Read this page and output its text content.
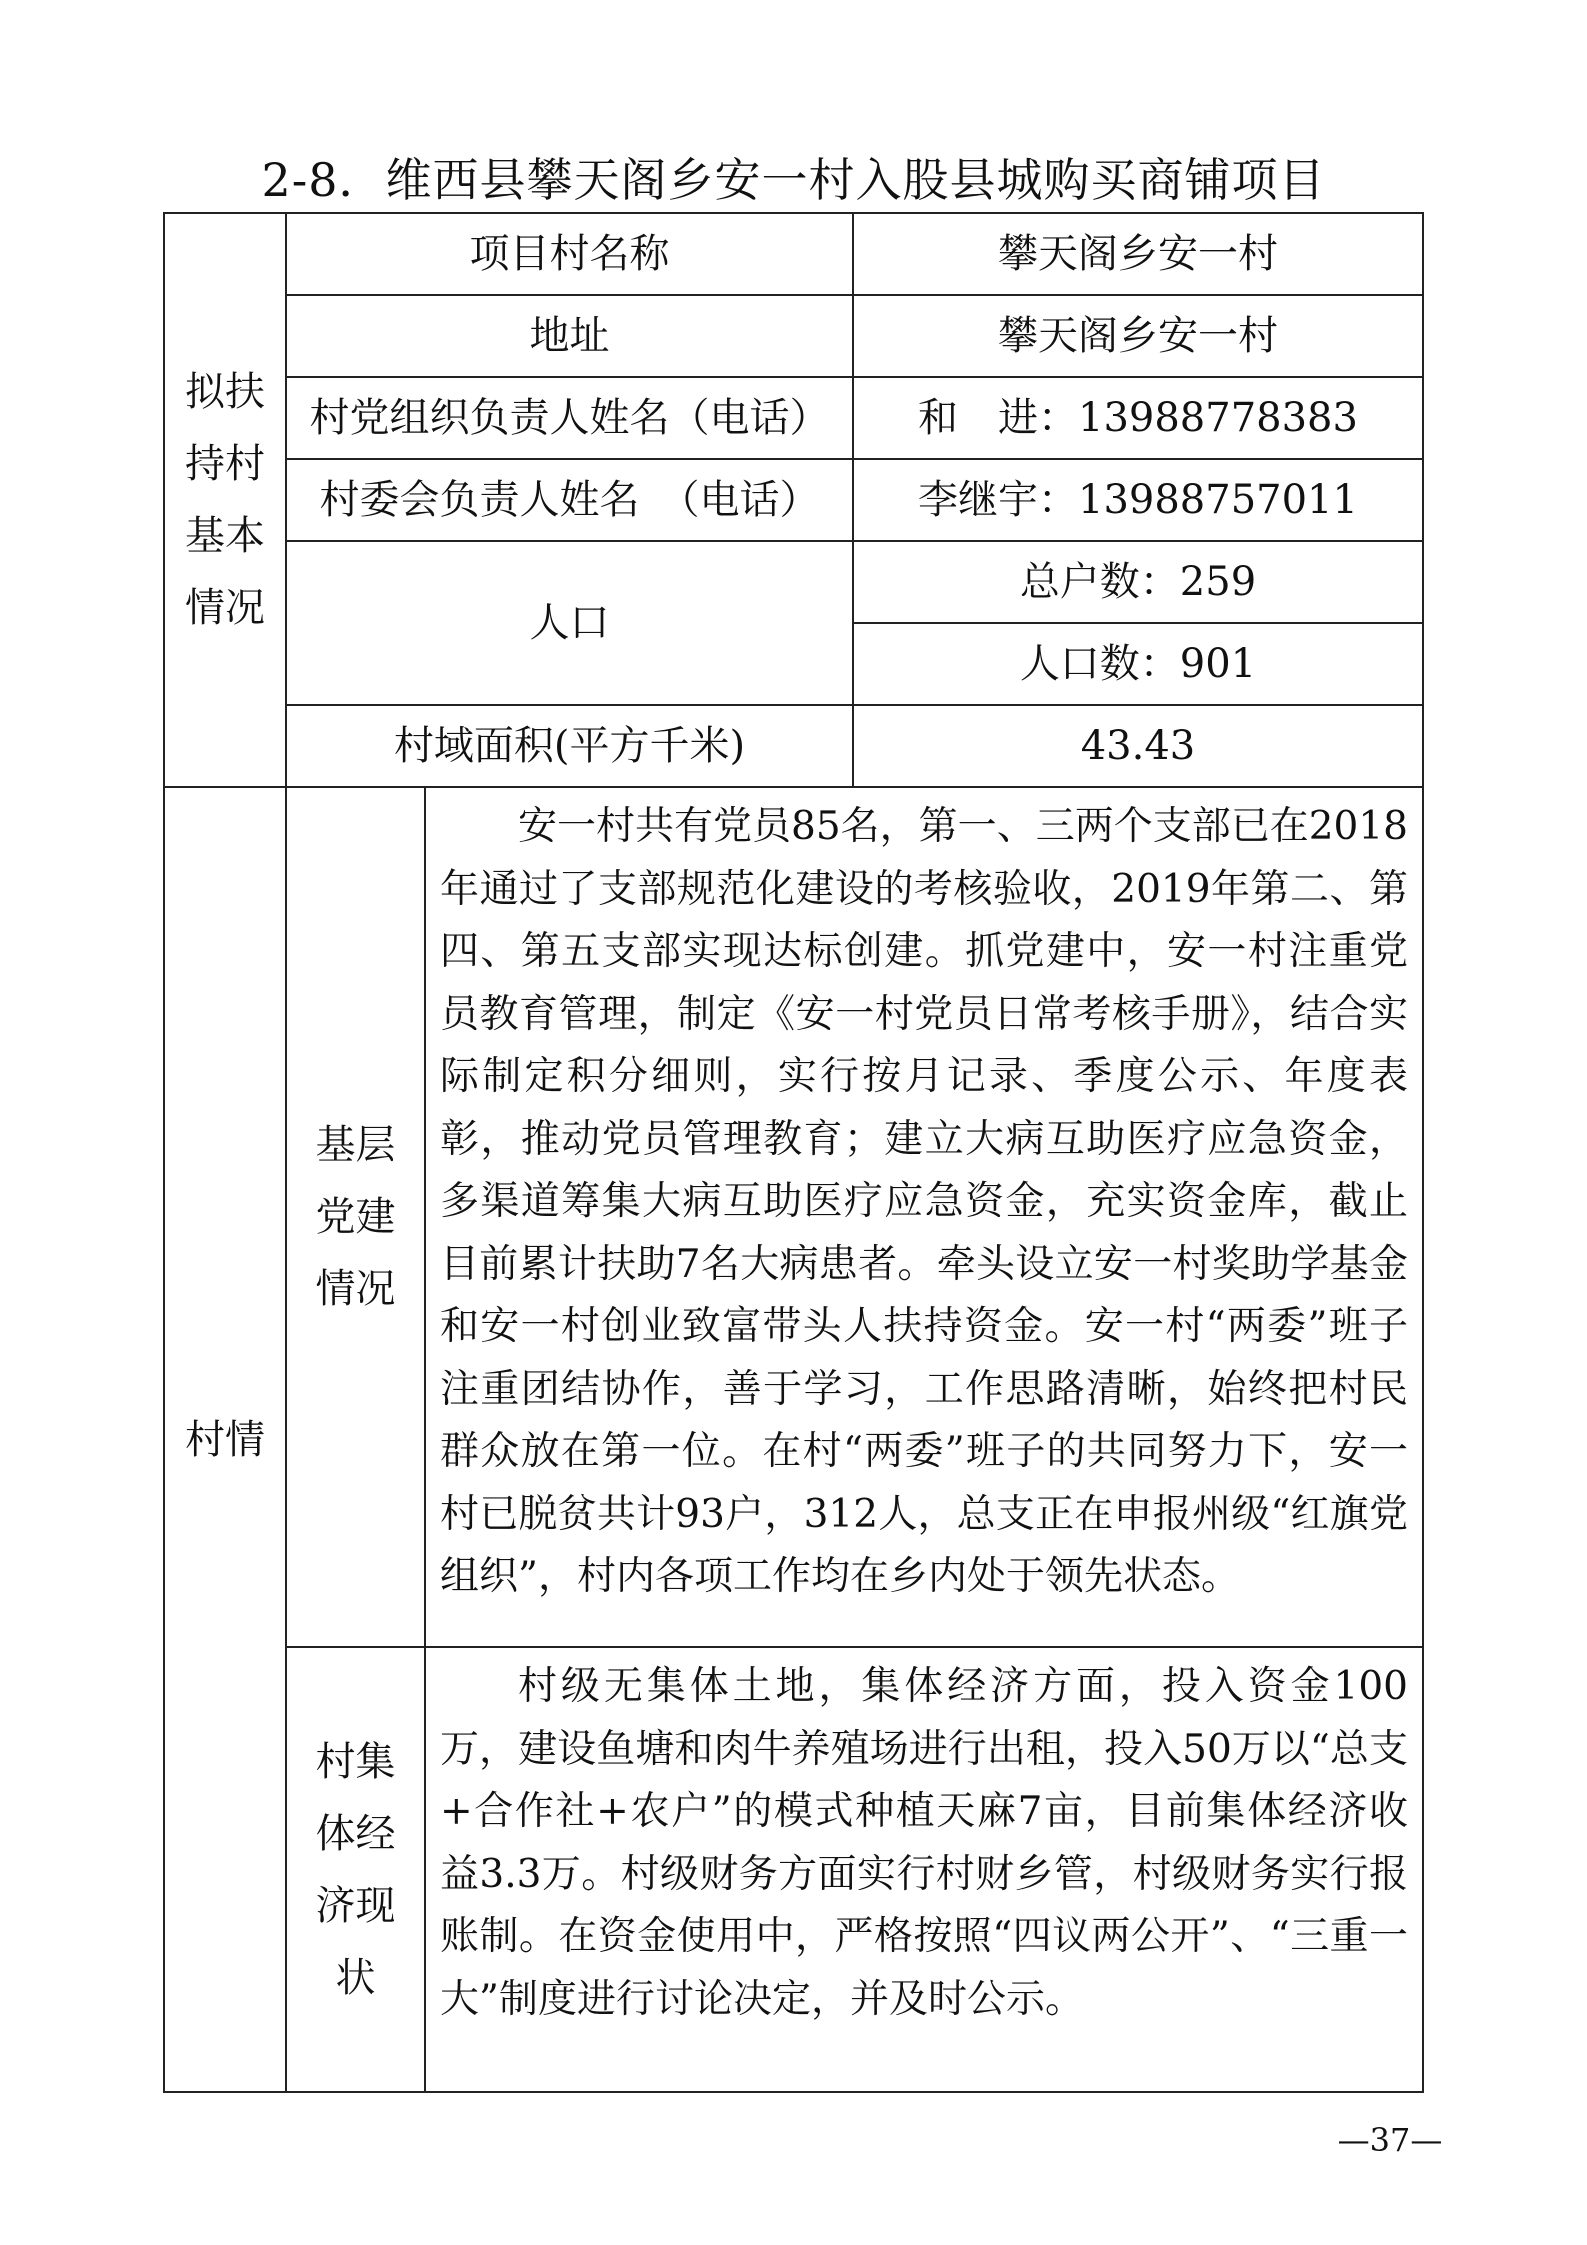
2-8．维西县攀天阁乡安一村入股县城购买商铺项目
拟扶持村基本情况	项目村名称		攀天阁乡安一村
	地址		攀天阁乡安一村
	村党组织负责人姓名（电话）		和　进：13988778383
	村委会负责人姓名　（电话）		李继宇：13988757011
	人口		总户数：259
			人口数：901
	村域面积(平方千米)		43.43
村情	基层党建情况	安一村共有党员85名，第一、三两个支部已在2018年通过了支部规范化建设的考核验收，2019年第二、第四、第五支部实现达标创建。抓党建中，安一村注重党员教育管理，制定《安一村党员日常考核手册》，结合实际制定积分细则，实行按月记录、季度公示、年度表彰，推动党员管理教育；建立大病互助医疗应急资金，多渠道筹集大病互助医疗应急资金，充实资金库，截止目前累计扶助7名大病患者。牵头设立安一村奖助学基金和安一村创业致富带头人扶持资金。安一村“两委”班子注重团结协作，善于学习，工作思路清晰，始终把村民群众放在第一位。在村“两委”班子的共同努力下，安一村已脱贫共计93户，312人，总支正在申报州级“红旗党组织”，村内各项工作均在乡内处于领先状态。	

	村集体经济现状	村级无集体土地，集体经济方面，投入资金100万，建设鱼塘和肉牛养殖场进行出租，投入50万以“总支+合作社+农户”的模式种植天麻7亩，目前集体经济收益3.3万。村级财务方面实行村财乡管，村级财务实行报账制。在资金使用中，严格按照“四议两公开”、“三重一大”制度进行讨论决定，并及时公示。	
—37—
